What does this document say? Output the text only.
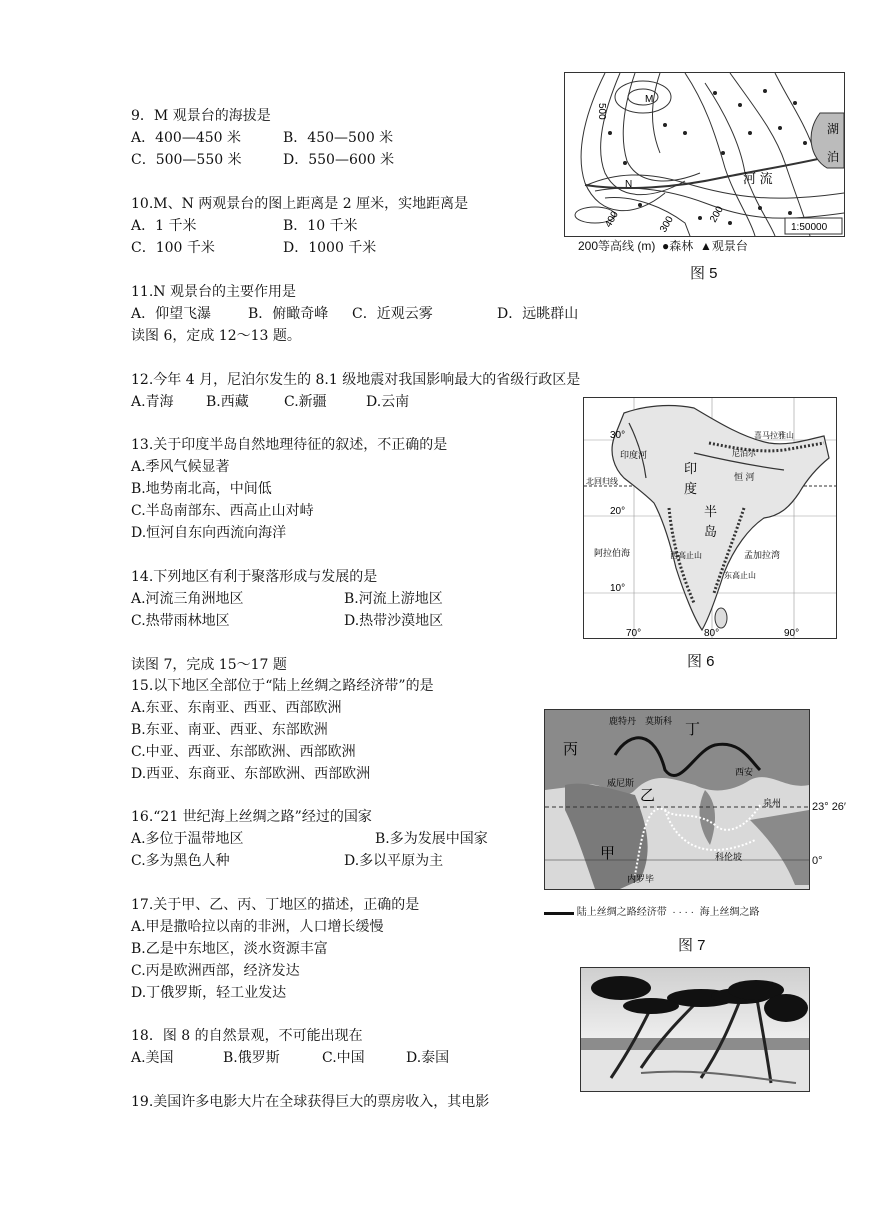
9．M 观景台的海拔是
A．400—450 米	B．450—500 米
C．500—550 米	D．550—600 米
10.M、N 两观景台的图上距离是 2 厘米，实地距离是
A．1 千米	B．10 千米
C．100 千米	D．1000 千米
11.N 观景台的主要作用是
A．仰望飞瀑	B．俯瞰奇峰 C．近观云雾	D．远眺群山
读图 6，定成 12～13 题。
12.今年 4 月，尼泊尔发生的 8.1 级地震对我国影响最大的省级行政区是
A.青海 B.西藏	C.新疆	D.云南
13.关于印度半岛自然地理待征的叙述，不正确的是
A.季风气候显著
B.地势南北高，中间低
C.半岛南部东、西高止山对峙
D.恒河自东向西流向海洋
14.下列地区有利于聚落形成与发展的是
A.河流三角洲地区	B.河流上游地区
C.热带雨林地区	D.热带沙漠地区
读图 7，完成 15～17 题
15.以下地区全部位于“陆上丝绸之路经济带”的是
A.东亚、东南亚、西亚、西部欧洲
B.东亚、南亚、西亚、东部欧洲
C.中亚、西亚、东部欧洲、西部欧洲
D.西亚、东商亚、东部欧洲、西部欧洲
16.“21 世纪海上丝绸之路”经过的国家
A.多位于温带地区	B.多为发展中国家
C.多为黑色人种	D.多以平原为主
17.关于甲、乙、丙、丁地区的描述，正确的是
A.甲是撒哈拉以南的非洲，人口增长缓慢
B.乙是中东地区，淡水资源丰富
C.丙是欧洲西部，经济发达
D.丁俄罗斯，轻工业发达
18．图 8 的自然景观，不可能出现在
A.美国	B.俄罗斯	C.中国	D.泰国
19.美国许多电影大片在全球获得巨大的票房收入，其电影
M
N
500
400	300
200
河 流
湖
泊
1:50000
​200​等高线 (m)  ●森林  ▲观景台
图 5
30°
20°
10°
70°	80°	90°
北回归线
阿拉伯海	孟加拉湾
印
度
半
岛
印度河
恒 河
尼泊尔
喜马拉雅山
西高止山
东高止山
图 6
丙
丁
乙
甲
西安
泉州
科伦坡
内罗毕
鹿特丹 莫斯科
威尼斯
23° 26′
0°
▬▬▬ 陆上丝绸之路经济带  · · · ·  海上丝绸之路
图 7
